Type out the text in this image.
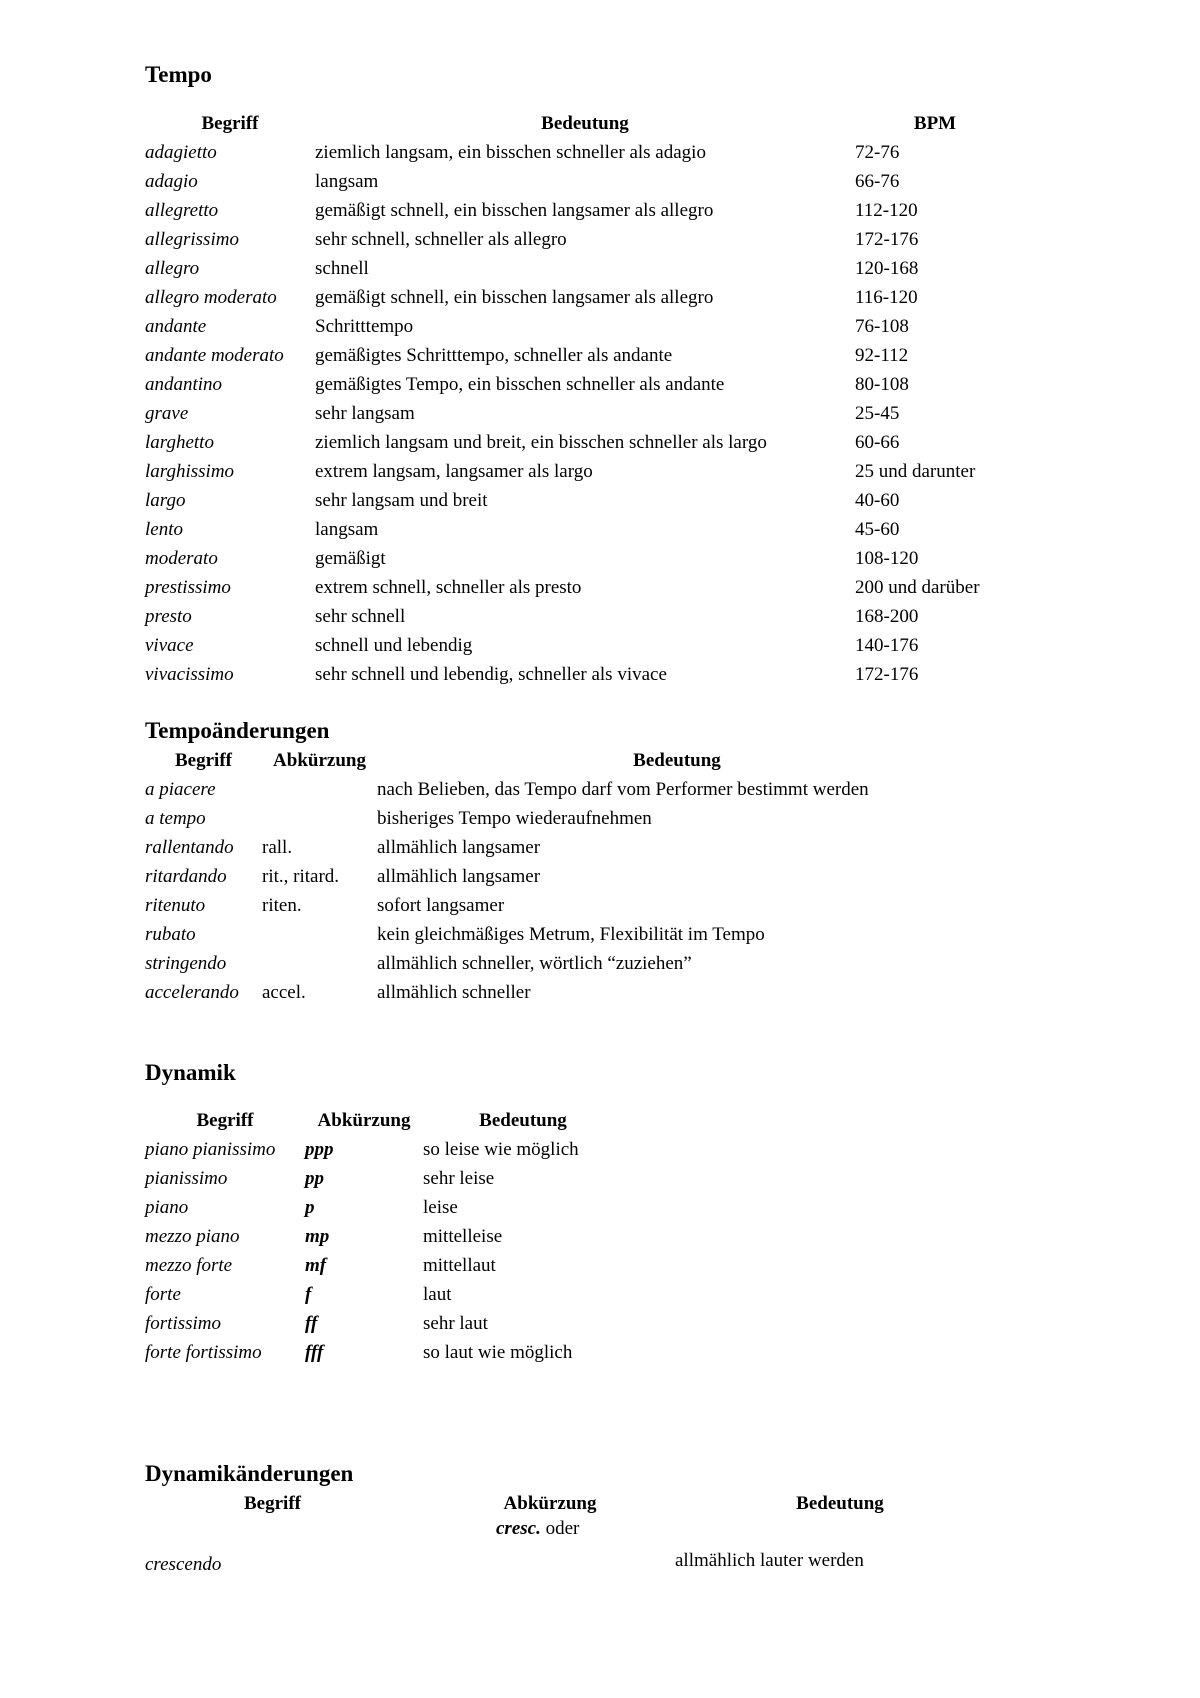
Tempo
Begriff	Bedeutung	BPM
adagietto	ziemlich langsam, ein bisschen schneller als adagio	72-76
adagio	langsam	66-76
allegretto	gemäßigt schnell, ein bisschen langsamer als allegro	112-120
allegrissimo	sehr schnell, schneller als allegro	172-176
allegro	schnell	120-168
allegro moderato	gemäßigt schnell, ein bisschen langsamer als allegro	116-120
andante	Schritttempo	76-108
andante moderato	gemäßigtes Schritttempo, schneller als andante	92-112
andantino	gemäßigtes Tempo, ein bisschen schneller als andante	80-108
grave	sehr langsam	25-45
larghetto	ziemlich langsam und breit, ein bisschen schneller als largo	60-66
larghissimo	extrem langsam, langsamer als largo	25 und darunter
largo	sehr langsam und breit	40-60
lento	langsam	45-60
moderato	gemäßigt	108-120
prestissimo	extrem schnell, schneller als presto	200 und darüber
presto	sehr schnell	168-200
vivace	schnell und lebendig	140-176
vivacissimo	sehr schnell und lebendig, schneller als vivace	172-176
Tempoänderungen
Begriff	Abkürzung	Bedeutung
a piacere		nach Belieben, das Tempo darf vom Performer bestimmt werden
a tempo		bisheriges Tempo wiederaufnehmen
rallentando	rall.	allmählich langsamer
ritardando	rit., ritard.	allmählich langsamer
ritenuto	riten.	sofort langsamer
rubato		kein gleichmäßiges Metrum, Flexibilität im Tempo
stringendo		allmählich schneller, wörtlich “zuziehen”
accelerando	accel.	allmählich schneller
Dynamik
Begriff	Abkürzung	Bedeutung
piano pianissimo	ppp	so leise wie möglich
pianissimo	pp	sehr leise
piano	p	leise
mezzo piano	mp	mittelleise
mezzo forte	mf	mittellaut
forte	f	laut
fortissimo	ff	sehr laut
forte fortissimo	fff	so laut wie möglich
Dynamikänderungen
Begriff	Abkürzung	Bedeutung
crescendo	cresc. oder	allmählich lauter werden
